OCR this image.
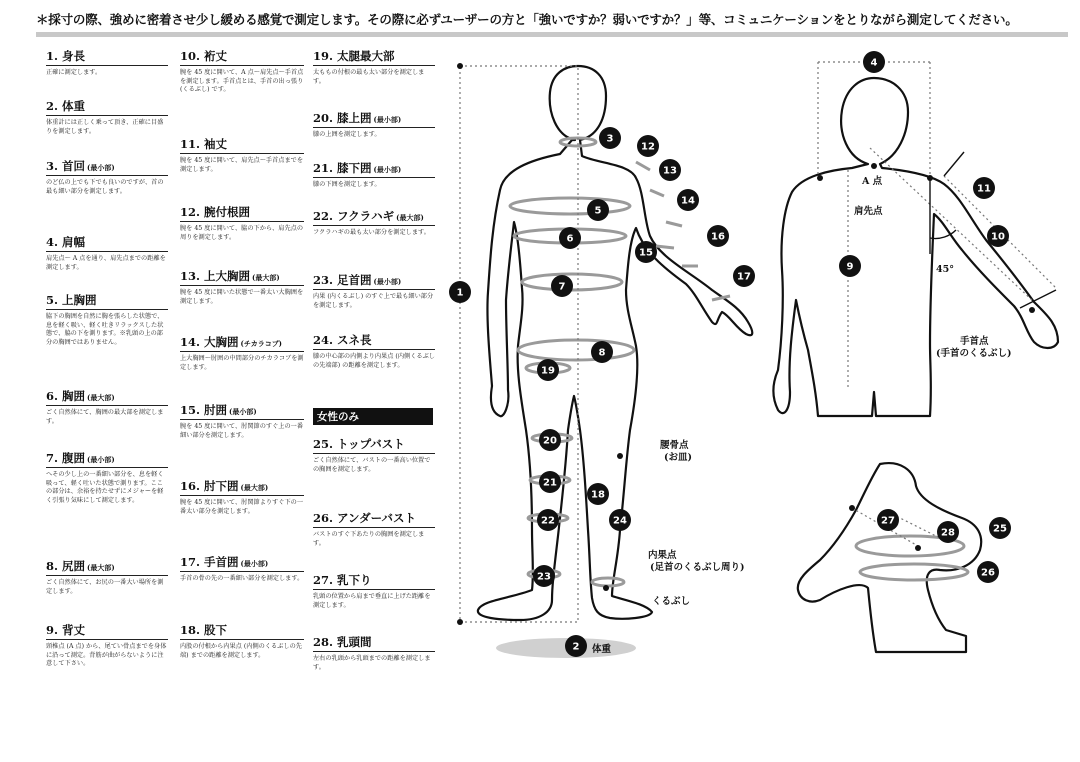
＊採寸の際、強めに密着させ少し緩める感覚で測定します。その際に必ずユーザーの方と「強いですか？弱いですか？」等、コミュニケーションをとりながら測定してください。
1. 身長
正確に測定します。
2. 体重
体重計には正しく乗って頂き、正確に目盛りを測定します。
3. 首回 (最小部)
のど仏の上でも下でも良いのですが、首の最も細い部分を測定します。
4. 肩幅
肩先点〜 A 点を通り、肩先点までの距離を測定します。
5. 上胸囲
脇下の胸囲を自然に胸を張らした状態で、息を軽く吸い、軽く吐きリラックスした状態で、脇の下を測ります。※乳頭の上の部分の胸囲ではありません。
6. 胸囲 (最大部)
ごく自然体にて、胸囲の最大部を測定します。
7. 腹囲 (最小部)
へその少し上の一番細い部分を、息を軽く吸って、軽く吐いた状態で測ります。ここの部分は、余裕を持たせずにメジャーを軽く引張り気味にして測定します。
8. 尻囲 (最大部)
ごく自然体にて、お尻の一番大い場所を測定します。
9. 背丈
頸椎点 (A 点) から、尾てい骨点までを身体に沿って測定。背筋が曲がらないように注意して下さい。
10. 裄丈
腕を 45 度に開いて、A 点〜肩先点〜手首点を測定します。手首点とは、手首の出っ張り (くるぶし) です。
11. 袖丈
腕を 45 度に開いて、肩先点〜手首点までを測定します。
12. 腕付根囲
腕を 45 度に開いて、脇の下から、肩先点の周りを測定します。
13. 上大胸囲 (最大部)
腕を 45 度に開いた状態で一番太い大胸囲を測定します。
14. 大胸囲 (チカラコブ)
上大胸囲〜肘囲の中間部分のチカラコブを測定します。
15. 肘囲 (最小部)
腕を 45 度に開いて、肘関節のすぐ上の一番細い部分を測定します。
16. 肘下囲 (最大部)
腕を 45 度に開いて、肘関節よりすぐ下の一番太い部分を測定します。
17. 手首囲 (最小部)
手首の骨の先の一番細い部分を測定します。
18. 股下
内股の付根から内果点 (内側のくるぶしの先端) までの距離を測定します。
19. 太腿最大部
太ももの付根の最も太い部分を測定します。
20. 膝上囲 (最小部)
膝の上囲を測定します。
21. 膝下囲 (最小部)
膝の下囲を測定します。
22. フクラハギ (最大部)
フクラハギの最も太い部分を測定します。
23. 足首囲 (最小部)
内果 (内くるぶし) のすぐ上で最も細い部分を測定します。
24. スネ長
膝の中心部の内側より内果点 (内側くるぶしの先端部) の距離を測定します。
女性のみ
25. トップバスト
ごく自然体にて、バストの一番高い位置での胸囲を測定します。
26. アンダーバスト
バストのすぐ下あたりの胸囲を測定します。
27. 乳下り
乳頭の位置から肩まで垂直に上げた距離を測定します。
28. 乳頭間
左右の乳頭から乳頭までの距離を測定します。
1
2
3
4
5
6
7
8
9
10
11
12
13
14
15
16
17
18
19
20
21
22
23
24
25
26
27
28
体重
A 点
肩先点
45°
手首点
(手首のくるぶし)
腰骨点
(お皿)
内果点
(足首のくるぶし周り)
くるぶし
